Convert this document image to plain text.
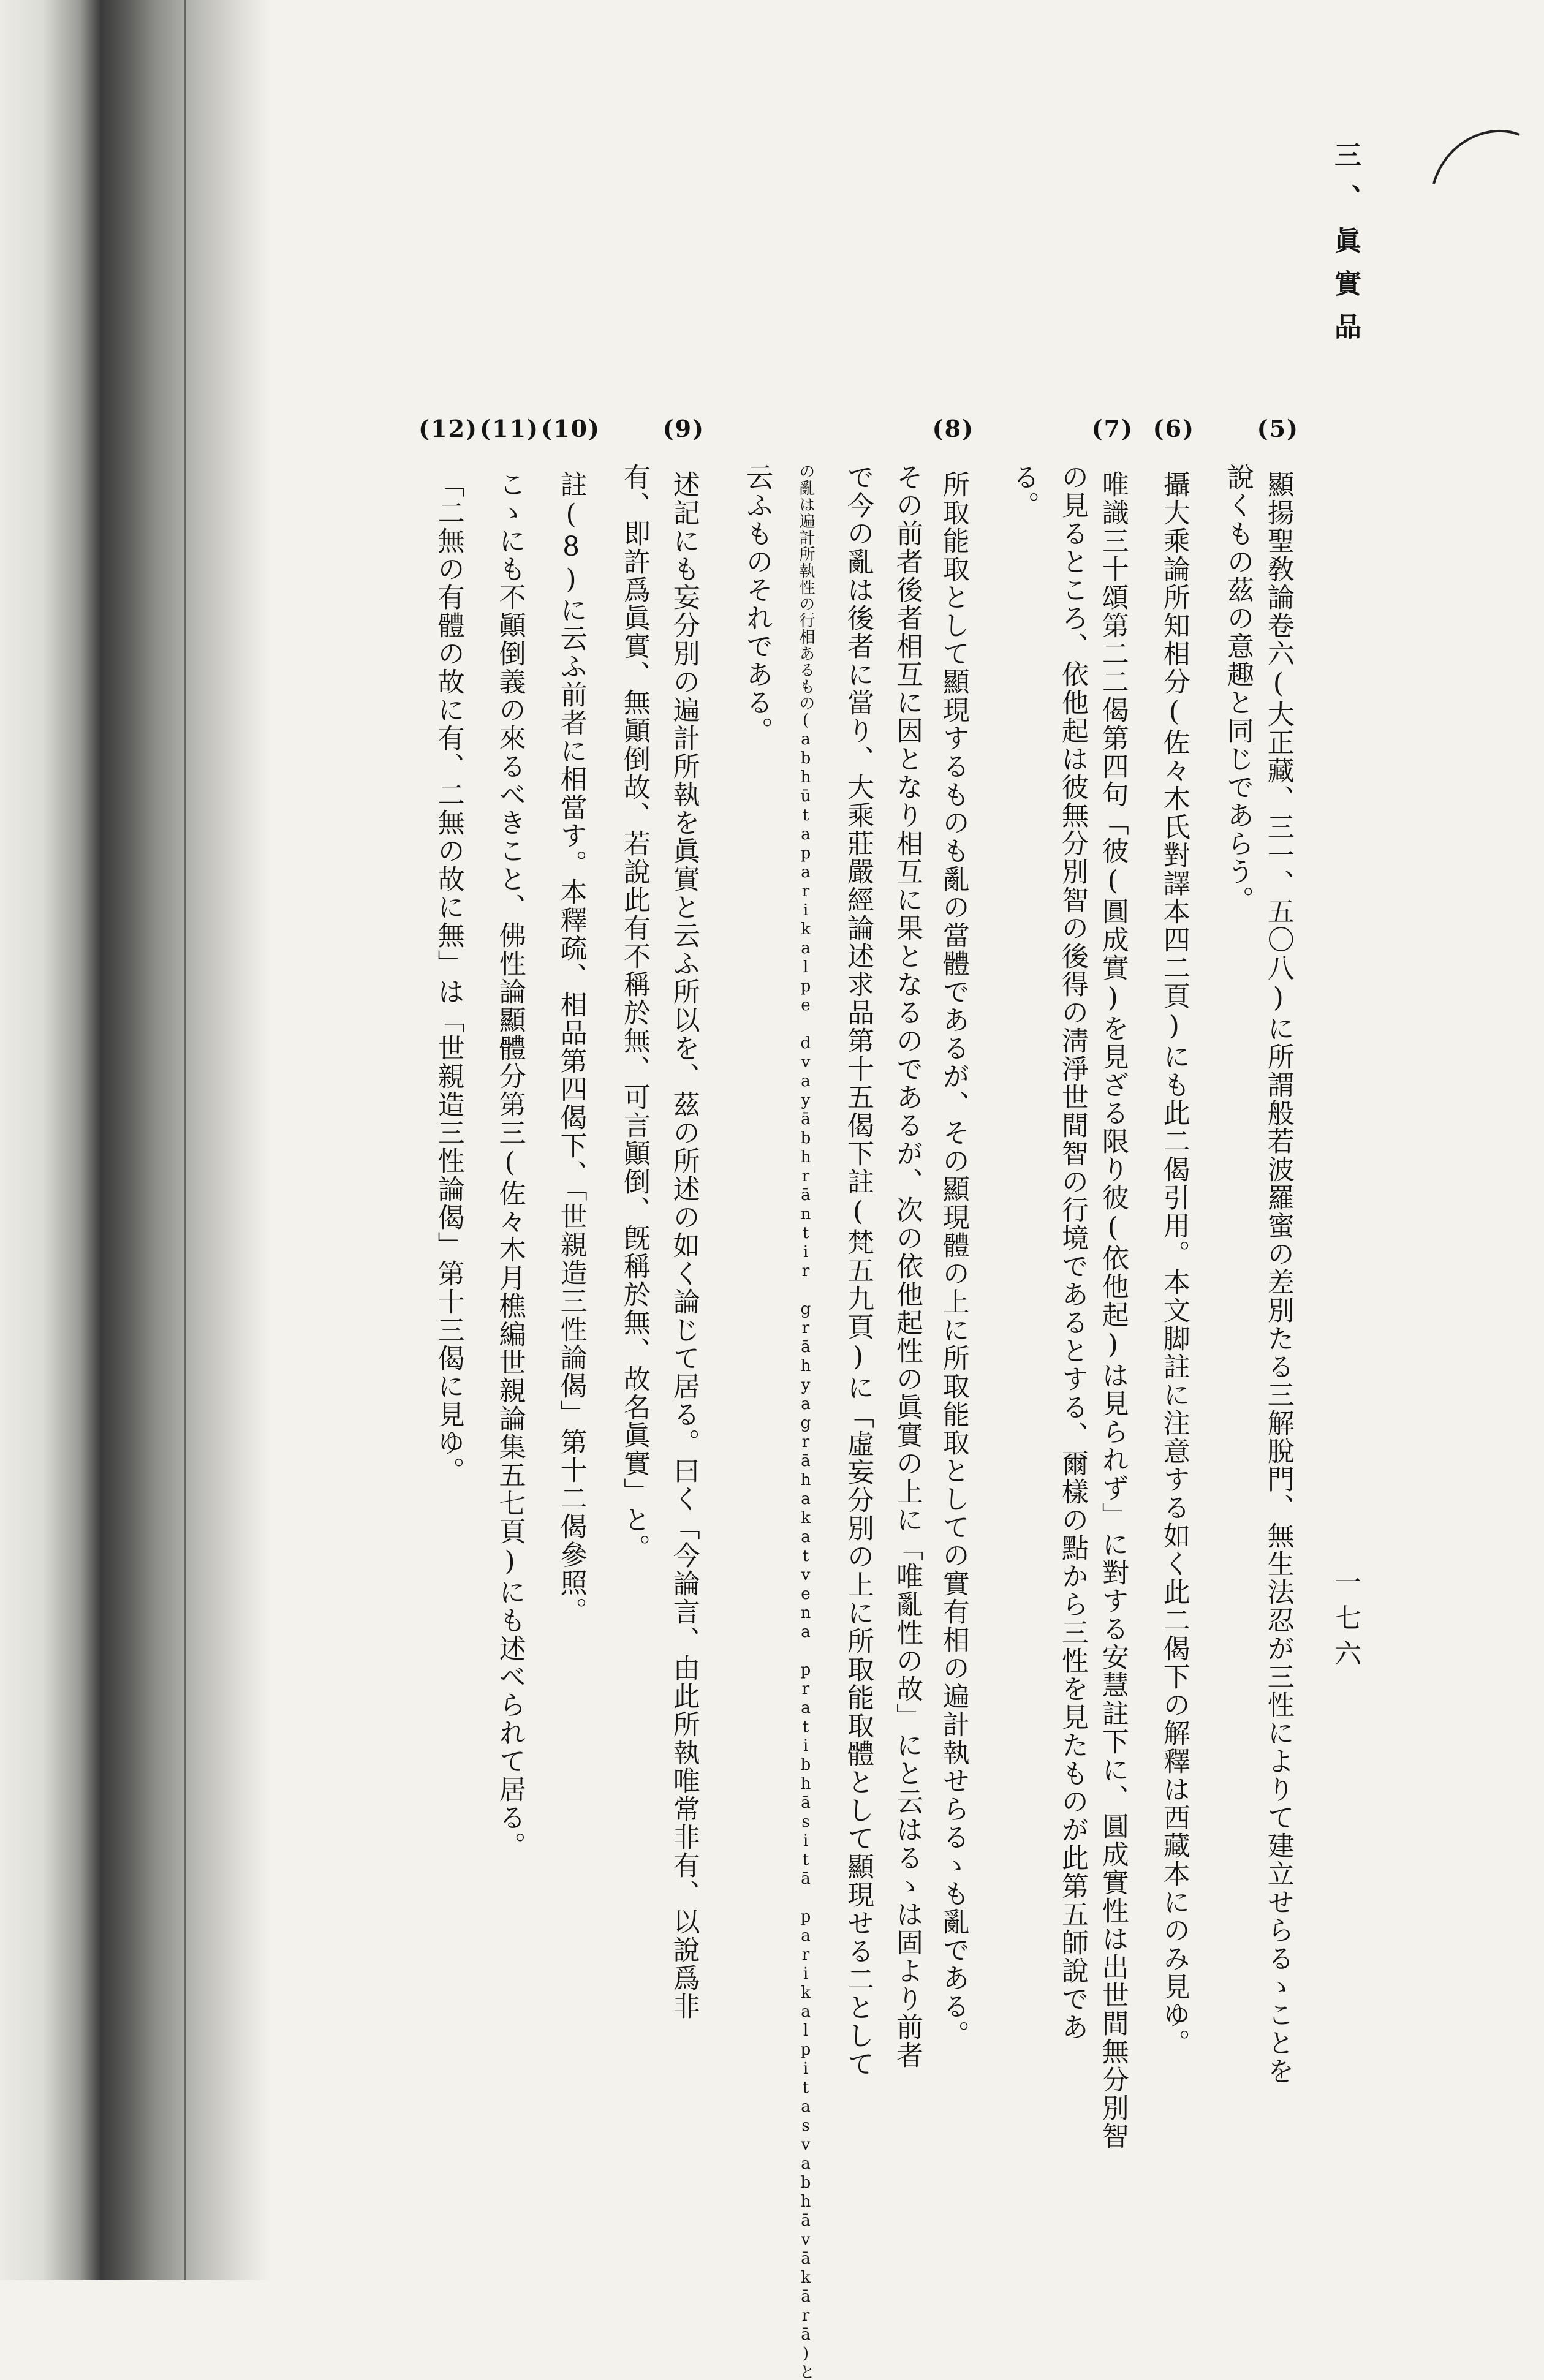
三、眞實品
一七六
(5)顯揚聖敎論卷六(大正藏、三一、五〇八)に所謂般若波羅蜜の差別たる三解脫門、無生法忍が三性によりて建立せらるゝことを
說くもの茲の意趣と同じであらう。
(6)攝大乘論所知相分(佐々木氏對譯本四二頁)にも此二偈引用。本文脚註に注意する如く此二偈下の解釋は西藏本にのみ見ゆ。
(7)唯識三十頌第二二偈第四句「彼(圓成實)を見ざる限り彼(依他起)は見られず」に對する安慧註下に、圓成實性は出世間無分別智
の見るところ、依他起は彼無分別智の後得の淸淨世間智の行境であるとする、爾樣の點から三性を見たものが此第五師說であ
る。
(8)所取能取として顯現するものも亂の當體であるが、その顯現體の上に所取能取としての實有相の遍計執せらるゝも亂である。
その前者後者相互に因となり相互に果となるのであるが、次の依他起性の眞實の上に「唯亂性の故」にと云はるゝは固より前者
で今の亂は後者に當り、大乘莊嚴經論述求品第十五偈下註(梵五九頁)に「虛妄分別の上に所取能取體として顯現せる二として
の亂は遍計所執性の行相あるもの(abhūtaparikalpe dvayābhrāntir grāhyagrāhakatvena pratibhāsitā parikalpitasvabhāvākārā)と
云ふものそれである。
(9)述記にも妄分別の遍計所執を眞實と云ふ所以を、茲の所述の如く論じて居る。曰く「今論言、由此所執唯常非有、以說爲非
有、即許爲眞實、無顚倒故、若說此有不稱於無、可言顚倒、旣稱於無、故名眞實」と。
(10)註(8)に云ふ前者に相當す。本釋疏、相品第四偈下、「世親造三性論偈」第十二偈參照。
(11)こゝにも不顚倒義の來るべきこと、佛性論顯體分第三(佐々木月樵編世親論集五七頁)にも述べられて居る。
(12)「二無の有體の故に有、二無の故に無」は「世親造三性論偈」第十三偈に見ゆ。
